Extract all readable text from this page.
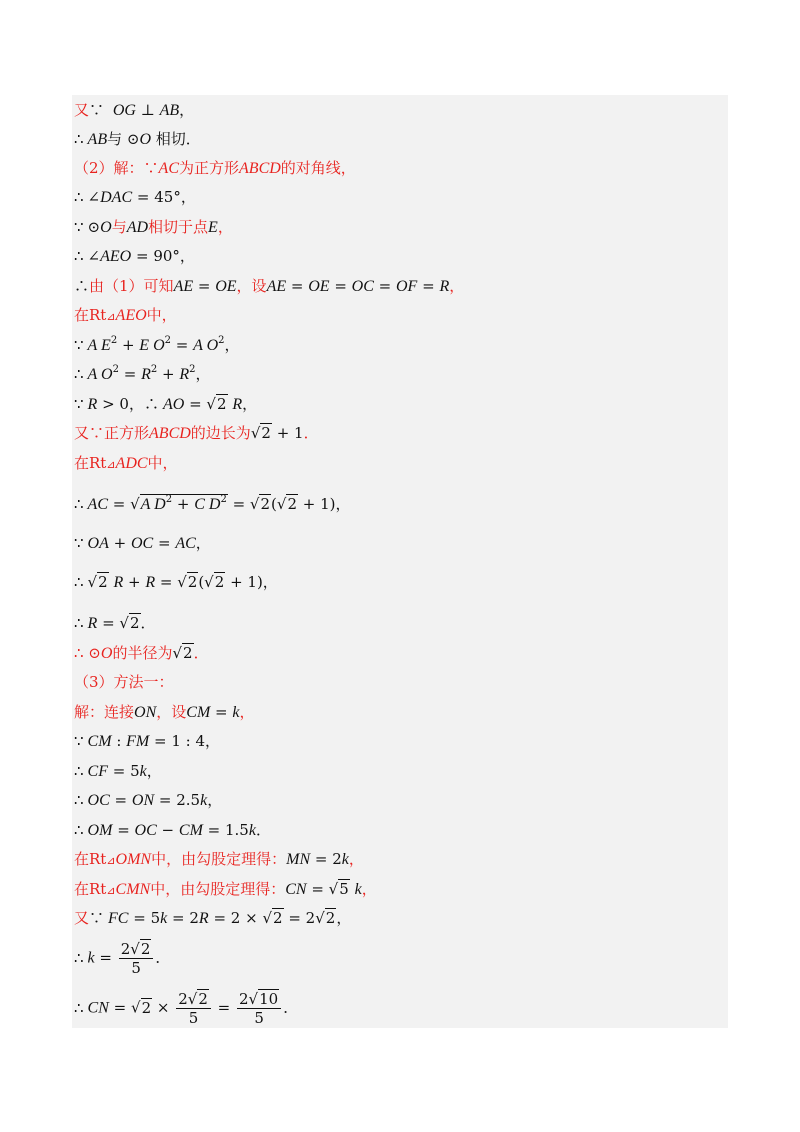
又∵ OG ⊥ AB，
∴ AB与 ⊙O 相切．
（2）解：∵AC为正方形ABCD的对角线，
∴ ∠DAC = 45°，
∵ ⊙O与AD相切于点E，
∴ ∠AEO = 90°，
∴由（1）可知AE = OE，设AE = OE = OC = OF = R，
在Rt⊿AEO中，
∵ A $E^2 + E$ $O^2 = A$ $O^2$，
∴ A $O^2 = R^2 + R^2$，
∵ R > 0，∴ AO = √2 R，
又∵正方形ABCD的边长为√2 + 1．
在Rt⊿ADC中，
∴ AC = √A $D^2 + C$ $D^2 = √2(√2 + 1)$，
∵ OA + OC = AC，
∴ √2 R + R = √2(√2 + 1)，
∴ R = √2．
∴ ⊙O的半径为√2．
（3）方法一：
解：连接ON，设CM = k，
∵ CM : FM = 1 : 4，
∴ CF = 5k，
∴ OC = ON = 2.5k，
∴ OM = OC − CM = 1.5k．
在Rt⊿OMN中，由勾股定理得：MN = 2k，
在Rt⊿CMN中，由勾股定理得：CN = √5 k，
又∵ FC = 5k = 2R = 2 × √2 = 2√2，
∴ $k = \frac{2√2}{5}$ ．
∴ CN = $√2 \times \frac{2√2}{5} = \frac{2√10}{5}$ ．
